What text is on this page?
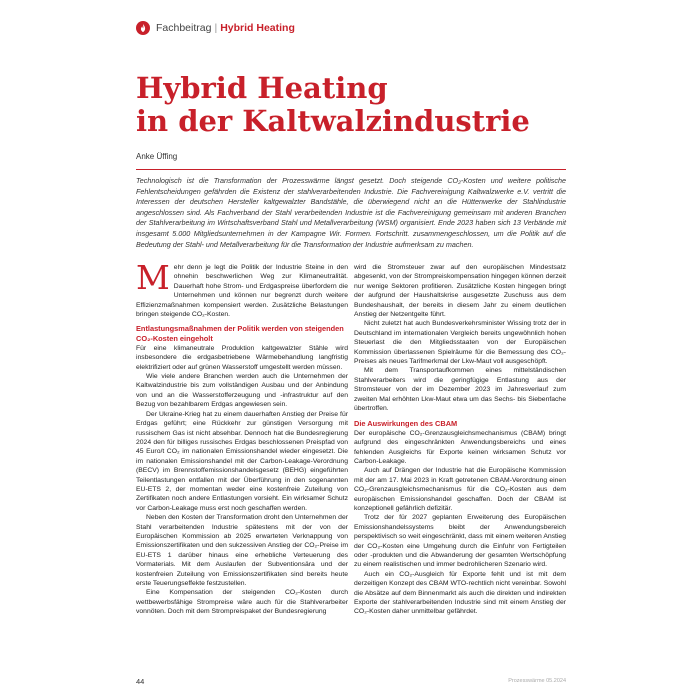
Fachbeitrag | Hybrid Heating
Hybrid Heating
in der Kaltwalzindustrie
Anke Üffing

Technologisch ist die Transformation der Prozesswärme längst gesetzt. Doch steigende CO₂-Kosten und weitere politische Fehlentscheidungen gefährden die Existenz der stahlverarbeitenden Industrie. Die Fachvereinigung Kaltwalzwerke e.V. vertritt die Interessen der deutschen Hersteller kaltgewalzter Bandstähle, die überwiegend nicht an die Hüttenwerke der Stahlindustrie angeschlossen sind. Als Fachverband der Stahl verarbeitenden Industrie ist die Fachvereinigung gemeinsam mit anderen Branchen der Stahlverarbeitung im Wirtschaftsverband Stahl und Metallverarbeitung (WSM) organisiert. Ende 2023 haben sich 13 Verbände mit insgesamt 5.000 Mitgliedsunternehmen in der Kampagne Wir. Formen. Fortschritt. zusammengeschlossen, um die Politik auf die Bedeutung der Stahl- und Metallverarbeitung für die Transformation der Industrie aufmerksam zu machen.

Mehr denn je legt die Politik der Industrie Steine in den ohnehin beschwerlichen Weg zur Klimaneutralität. Dauerhaft hohe Strom- und Erdgaspreise überfordern die Unternehmen und können nur begrenzt durch weitere Effizienzmaßnahmen kompensiert werden. Zusätzliche Belastungen bringen steigende CO₂-Kosten.

Entlastungsmaßnahmen der Politik werden von steigenden CO₂-Kosten eingeholt

Für eine klimaneutrale Produktion kaltgewalzter Stähle wird insbesondere die erdgasbetriebene Wärmebehandlung langfristig elektrifiziert oder auf grünen Wasserstoff umgestellt werden müssen.

Wie viele andere Branchen werden auch die Unternehmen der Kaltwalzindustrie bis zum vollständigen Ausbau und der Anbindung von und an die Wasserstofferzeugung und -infrastruktur auf den Bezug von bezahlbarem Erdgas angewiesen sein.

Der Ukraine-Krieg hat zu einem dauerhaften Anstieg der Preise für Erdgas geführt; eine Rückkehr zur günstigen Versorgung mit russischem Gas ist nicht absehbar. Dennoch hat die Bundesregierung 2024 den für billiges russisches Erdgas beschlossenen Preispfad von 45 Euro/t CO₂ im nationalen Emissionshandel wieder eingesetzt. Die im nationalen Emissionshandel mit der Carbon-Leakage-Verordnung (BECV) im Brennstoffemissionshandelsgesetz (BEHG) eingeführten Teilentlastungen entfallen mit der Überführung in den sogenannten EU-ETS 2, der momentan weder eine kostenfreie Zuteilung von Zertifikaten noch andere Entlastungen vorsieht. Ein wirksamer Schutz vor Carbon-Leakage muss erst noch geschaffen werden.

Neben den Kosten der Transformation droht den Unternehmen der Stahl verarbeitenden Industrie spätestens mit der von der Europäischen Kommission ab 2025 erwarteten Verknappung von Emissionszertifikaten und den sukzessiven Anstieg der CO₂-Preise im EU-ETS 1 darüber hinaus eine erhebliche Verteuerung des Vormaterials. Mit dem Auslaufen der Subventionsära und der kostenfreien Zuteilung von Emissionszertifikaten sind bereits heute erste Teuerungseffekte festzustellen.

Eine Kompensation der steigenden CO₂-Kosten durch wettbewerbsfähige Strompreise wäre auch für die Stahlverarbeiter vonnöten. Doch mit dem Strompreispaket der Bundesregierung

wird die Stromsteuer zwar auf den europäischen Mindestsatz abgesenkt, von der Strompreiskompensation hingegen können derzeit nur wenige Sektoren profitieren. Zusätzliche Kosten hingegen bringt der aufgrund der Haushaltskrise ausgesetzte Zuschuss aus dem Bundeshaushalt, der bereits in diesem Jahr zu einem deutlichen Anstieg der Netzentgelte führt.

Nicht zuletzt hat auch Bundesverkehrsminister Wissing trotz der in Deutschland im internationalen Vergleich bereits ungewöhnlich hohen Steuerlast die den Mitgliedsstaaten von der Europäischen Kommission überlassenen Spielräume für die Bemessung des CO₂-Preises als neues Tarifmerkmal der Lkw-Maut voll ausgeschöpft.

Mit dem Transportaufkommen eines mittelständischen Stahlverarbeiters wird die geringfügige Entlastung aus der Stromsteuer von der im Dezember 2023 im Jahresverlauf zum zweiten Mal erhöhten Lkw-Maut etwa um das Sechs- bis Siebenfache übertroffen.

Die Auswirkungen des CBAM

Der europäische CO₂-Grenzausgleichsmechanismus (CBAM) bringt aufgrund des eingeschränkten Anwendungsbereichs und eines fehlenden Ausgleichs für Exporte keinen wirksamen Schutz vor Carbon-Leakage.

Auch auf Drängen der Industrie hat die Europäische Kommission mit der am 17. Mai 2023 in Kraft getretenen CBAM-Verordnung einen CO₂-Grenzausgleichsmechanismus für die CO₂-Kosten aus dem europäischen Emissionshandel geschaffen. Doch der CBAM ist konzeptionell gefährlich defizitär.

Trotz der für 2027 geplanten Erweiterung des Europäischen Emissionshandelssystems bleibt der Anwendungsbereich perspektivisch so weit eingeschränkt, dass mit einem weiteren Anstieg der CO₂-Kosten eine Umgehung durch die Einfuhr von Fertigteilen oder -produkten und die Abwanderung der gesamten Wertschöpfung zu einem realistischen und immer bedrohlicheren Szenario wird.

Auch ein CO₂-Ausgleich für Exporte fehlt und ist mit dem derzeitigen Konzept des CBAM WTO-rechtlich nicht vereinbar. Sowohl die Absätze auf dem Binnenmarkt als auch die direkten und indirekten Exporte der stahlverarbeitenden Industrie sind mit einem Anstieg der CO₂-Kosten daher unmittelbar gefährdet.

44	Prozesswärme 05.2024
